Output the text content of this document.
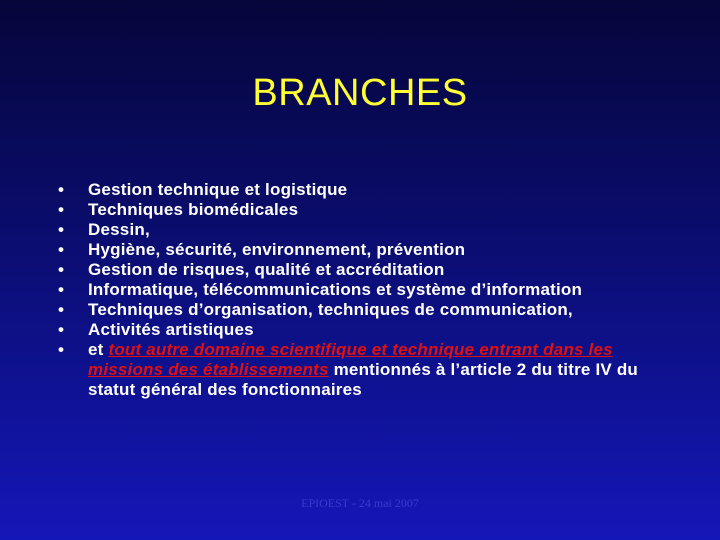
BRANCHES
•	Gestion technique et logistique
•	Techniques biomédicales
•	Dessin,
•	Hygiène, sécurité, environnement, prévention
•	Gestion de risques, qualité et accréditation
•	Informatique, télécommunications et système d’information
•	Techniques d’organisation, techniques de communication,
•	Activités artistiques
•	et tout autre domaine scientifique et technique entrant dans les missions des établissements mentionnés à l’article 2 du titre IV du statut général des fonctionnaires
EPIOEST - 24 mai 2007
